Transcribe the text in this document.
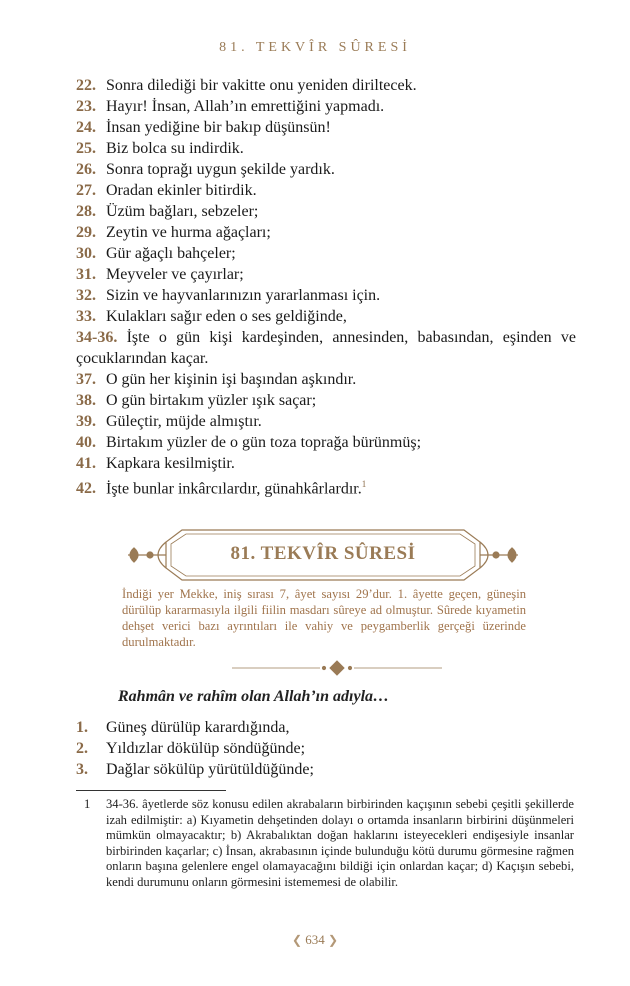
81. TEKVÎR SÛRESİ
22. Sonra dilediği bir vakitte onu yeniden diriltecek.
23. Hayır! İnsan, Allah’ın emrettiğini yapmadı.
24. İnsan yediğine bir bakıp düşünsün!
25. Biz bolca su indirdik.
26. Sonra toprağı uygun şekilde yardık.
27. Oradan ekinler bitirdik.
28. Üzüm bağları, sebzeler;
29. Zeytin ve hurma ağaçları;
30. Gür ağaçlı bahçeler;
31. Meyveler ve çayırlar;
32. Sizin ve hayvanlarınızın yararlanması için.
33. Kulakları sağır eden o ses geldiğinde,
34-36. İşte o gün kişi kardeşinden, annesinden, babasından, eşinden ve çocuklarından kaçar.
37. O gün her kişinin işi başından aşkındır.
38. O gün birtakım yüzler ışık saçar;
39. Güleçtir, müjde almıştır.
40. Birtakım yüzler de o gün toza toprağa bürünmüş;
41. Kapkara kesilmiştir.
42. İşte bunlar inkârcılardır, günahkârlardır.$^1$
81. TEKVÎR SÛRESİ
İndiği yer Mekke, iniş sırası 7, âyet sayısı 29’dur. 1. âyette geçen, güneşin dürülüp kararmasıyla ilgili fiilin masdarı sûreye ad olmuştur. Sûrede kıyametin dehşet verici bazı ayrıntıları ile vahiy ve peygamberlik gerçeği üzerinde durulmaktadır.
Rahmân ve rahîm olan Allah’ın adıyla…
1. Güneş dürülüp karardığında,
2. Yıldızlar dökülüp söndüğünde;
3. Dağlar sökülüp yürütüldüğünde;
1 34-36. âyetlerde söz konusu edilen akrabaların birbirinden kaçışının sebebi çeşitli şekillerde izah edilmiştir: a) Kıyametin dehşetinden dolayı o ortamda insanların birbirini düşünmeleri mümkün olmayacaktır; b) Akrabalıktan doğan haklarını isteyecekleri endişesiyle insanlar birbirinden kaçarlar; c) İnsan, akrabasının içinde bulunduğu kötü durumu görmesine rağmen onların başına gelenlere engel olamayacağını bildiği için onlardan kaçar; d) Kaçışın sebebi, kendi durumunu onların görmesini istememesi de olabilir.
❮ 634 ❯
